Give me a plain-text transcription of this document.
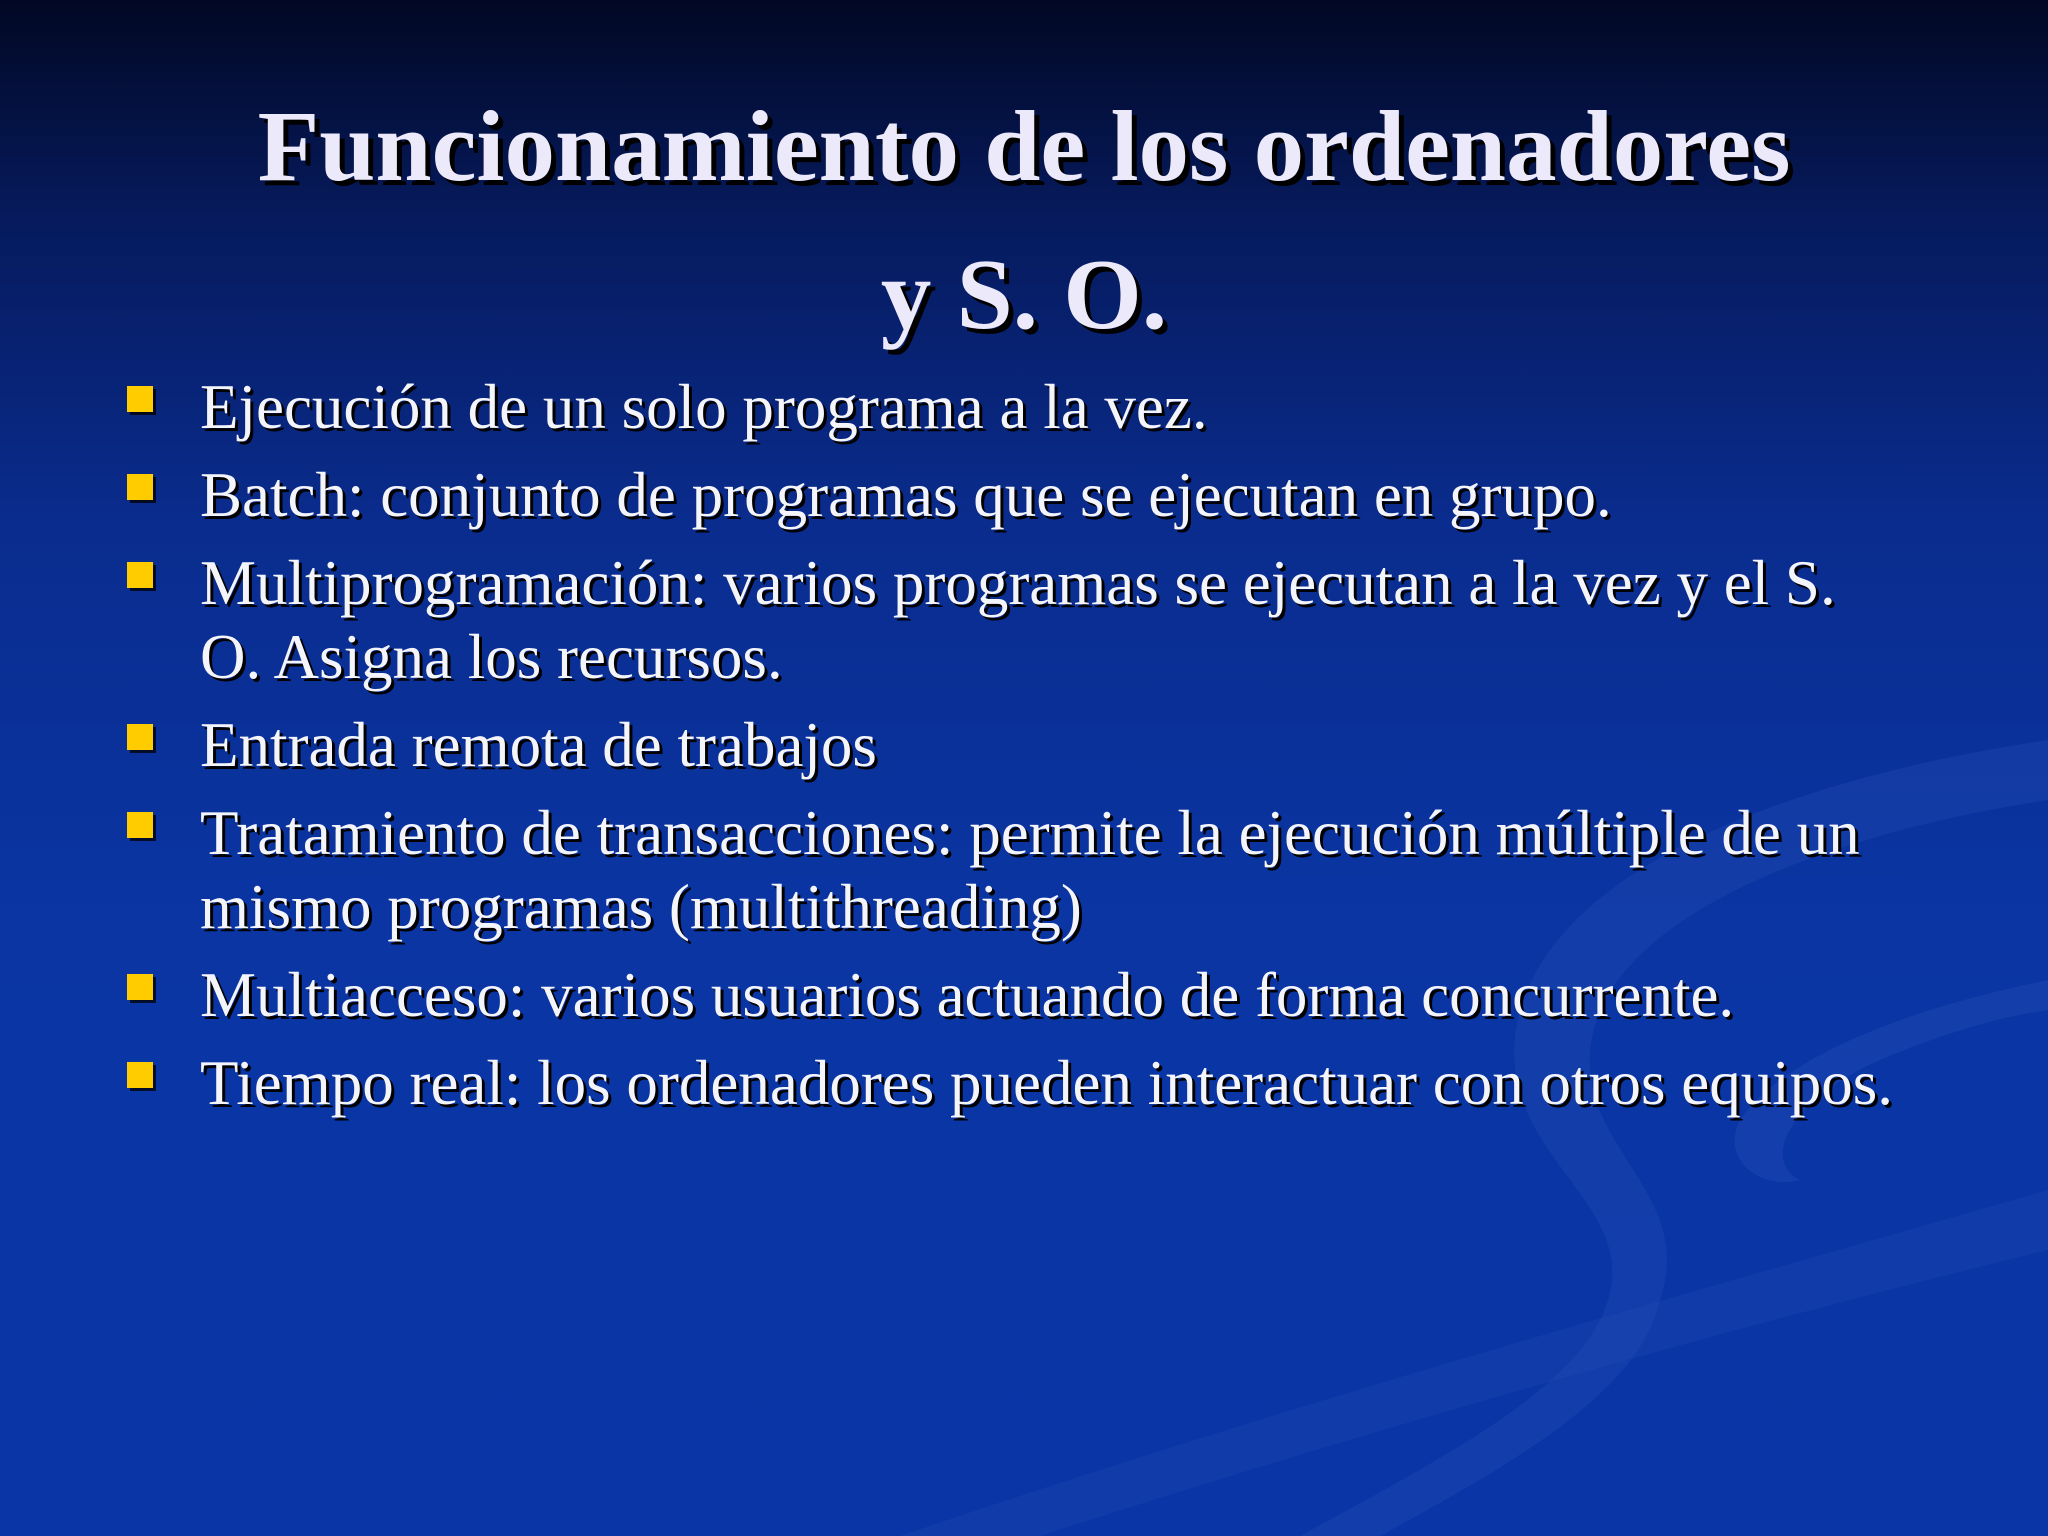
Funcionamiento de los ordenadores
y S. O.
Ejecución de un solo programa a la vez.
Batch: conjunto de programas que se ejecutan en grupo.
Multiprogramación: varios programas se ejecutan a la vez y el S. O. Asigna los recursos.
Entrada remota de trabajos
Tratamiento de transacciones: permite la ejecución múltiple de un mismo programas (multithreading)
Multiacceso: varios usuarios actuando de forma concurrente.
Tiempo real: los ordenadores pueden interactuar con otros equipos.
